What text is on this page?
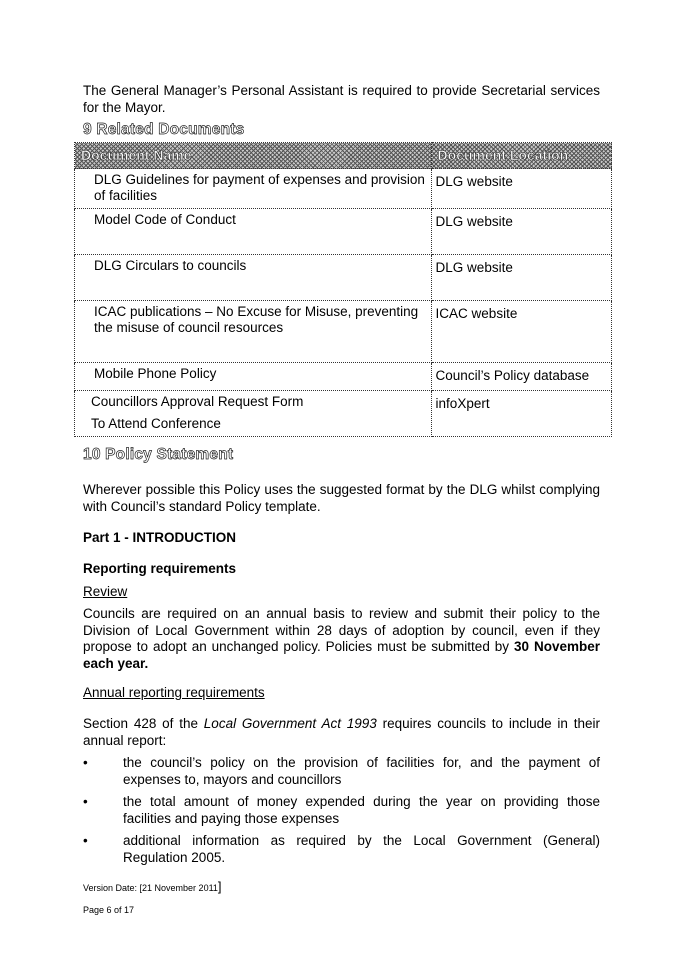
The General Manager’s Personal Assistant is required to provide Secretarial services for the Mayor.

9 Related Documents
Document Name	Document Location

DLG Guidelines for payment of expenses and provision of facilities	DLG website

Model Code of Conduct	DLG website

DLG Circulars to councils	DLG website

ICAC publications – No Excuse for Misuse, preventing the misuse of council resources	ICAC website

Mobile Phone Policy	Council’s Policy database

Councillors Approval Request Form
To Attend Conference	infoXpert
10 Policy Statement

Wherever possible this Policy uses the suggested format by the DLG whilst complying with Council’s standard Policy template.

Part 1 - INTRODUCTION

Reporting requirements

Review

Councils are required on an annual basis to review and submit their policy to the Division of Local Government within 28 days of adoption by council, even if they propose to adopt an unchanged policy. Policies must be submitted by 30 November each year.

Annual reporting requirements

Section 428 of the Local Government Act 1993 requires councils to include in their annual report:

•	the council’s policy on the provision of facilities for, and the payment of expenses to, mayors and councillors
•	the total amount of money expended during the year on providing those facilities and paying those expenses
•	additional information as required by the Local Government (General) Regulation 2005.
Version Date: [21 November 2011]
Page 6 of 17
